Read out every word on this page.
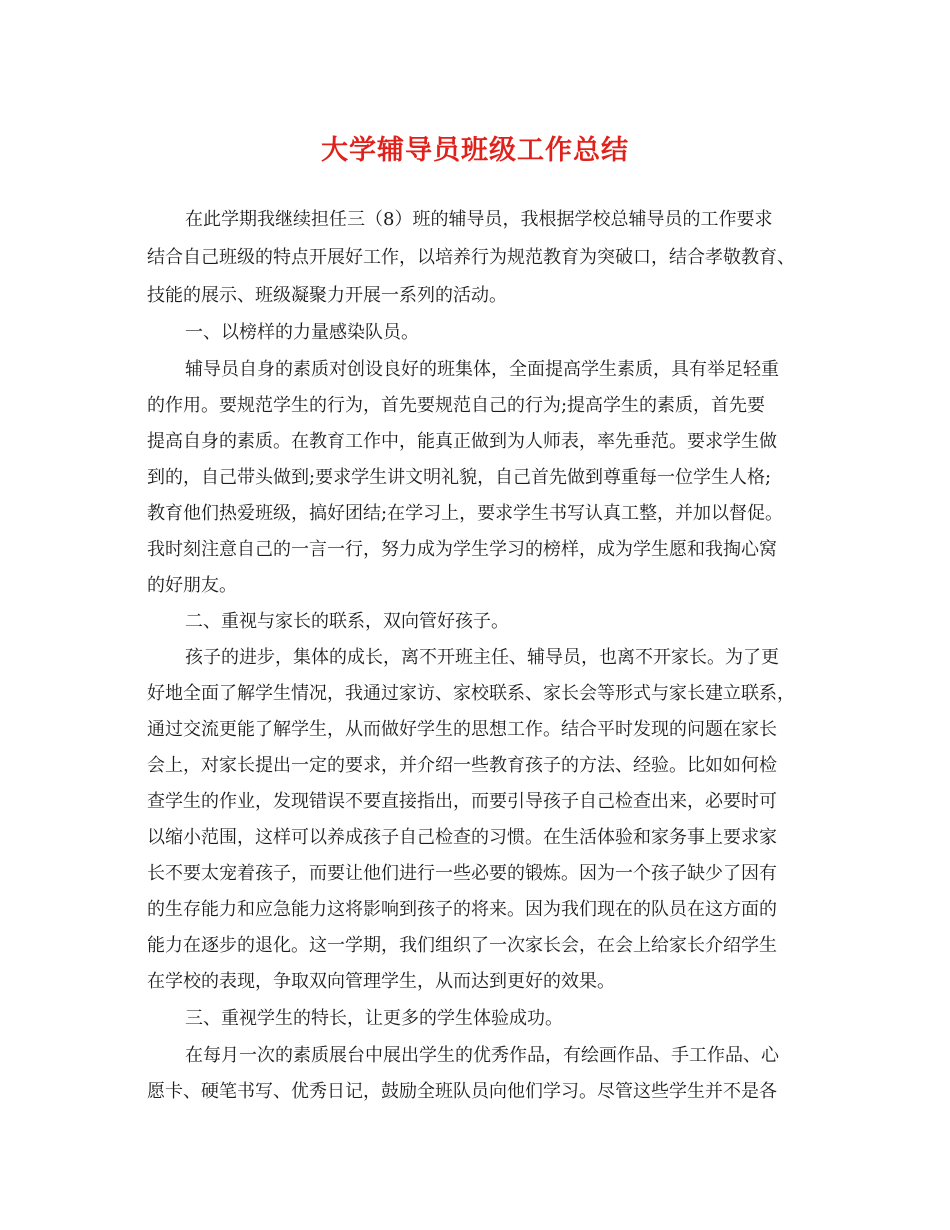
大学辅导员班级工作总结
在此学期我继续担任三（8）班的辅导员，我根据学校总辅导员的工作要求
结合自己班级的特点开展好工作，以培养行为规范教育为突破口，结合孝敬教育、
技能的展示、班级凝聚力开展一系列的活动。
一、以榜样的力量感染队员。
辅导员自身的素质对创设良好的班集体，全面提高学生素质，具有举足轻重
的作用。要规范学生的行为，首先要规范自己的行为;提高学生的素质，首先要
提高自身的素质。在教育工作中，能真正做到为人师表，率先垂范。要求学生做
到的，自己带头做到;要求学生讲文明礼貌，自己首先做到尊重每一位学生人格;
教育他们热爱班级，搞好团结;在学习上，要求学生书写认真工整，并加以督促。
我时刻注意自己的一言一行，努力成为学生学习的榜样，成为学生愿和我掏心窝
的好朋友。
二、重视与家长的联系，双向管好孩子。
孩子的进步，集体的成长，离不开班主任、辅导员，也离不开家长。为了更
好地全面了解学生情况，我通过家访、家校联系、家长会等形式与家长建立联系，
通过交流更能了解学生，从而做好学生的思想工作。结合平时发现的问题在家长
会上，对家长提出一定的要求，并介绍一些教育孩子的方法、经验。比如如何检
查学生的作业，发现错误不要直接指出，而要引导孩子自己检查出来，必要时可
以缩小范围，这样可以养成孩子自己检查的习惯。在生活体验和家务事上要求家
长不要太宠着孩子，而要让他们进行一些必要的锻炼。因为一个孩子缺少了因有
的生存能力和应急能力这将影响到孩子的将来。因为我们现在的队员在这方面的
能力在逐步的退化。这一学期，我们组织了一次家长会，在会上给家长介绍学生
在学校的表现，争取双向管理学生，从而达到更好的效果。
三、重视学生的特长，让更多的学生体验成功。
在每月一次的素质展台中展出学生的优秀作品，有绘画作品、手工作品、心
愿卡、硬笔书写、优秀日记，鼓励全班队员向他们学习。尽管这些学生并不是各
